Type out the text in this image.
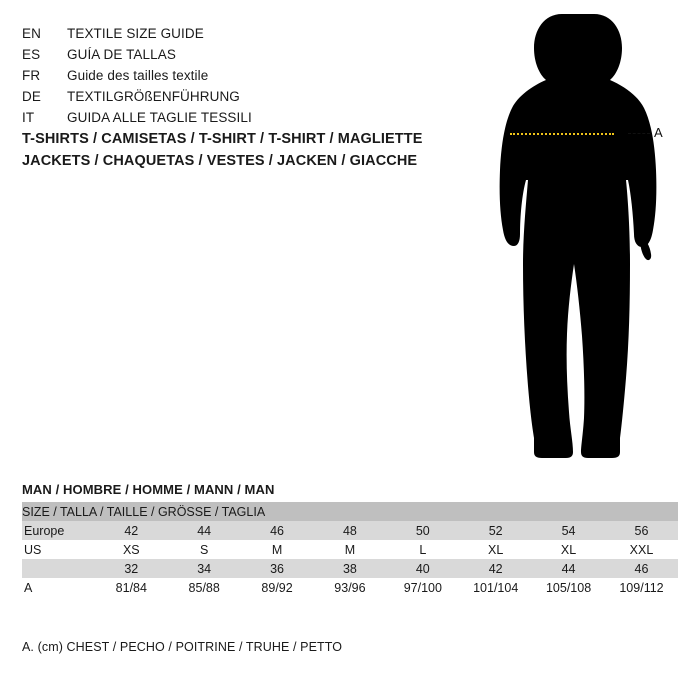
EN	TEXTILE SIZE GUIDE
ES	GUÍA DE TALLAS
FR	Guide des tailles textile
DE	TEXTILGRÖßENFÜHRUNG
IT	GUIDA ALLE TAGLIE TESSILI
T-SHIRTS / CAMISETAS / T-SHIRT / T-SHIRT / MAGLIETTE
JACKETS / CHAQUETAS / VESTES / JACKEN / GIACCHE
A
MAN / HOMBRE / HOMME / MANN / MAN
SIZE / TALLA / TAILLE / GRÖSSE / TAGLIA								
Europe	42	44	46	48	50	52	54	56
US	XS	S	M	M	L	XL	XL	XXL
	32	34	36	38	40	42	44	46
A	81/84	85/88	89/92	93/96	97/100	101/104	105/108	109/112
A. (cm) CHEST / PECHO / POITRINE / TRUHE / PETTO
